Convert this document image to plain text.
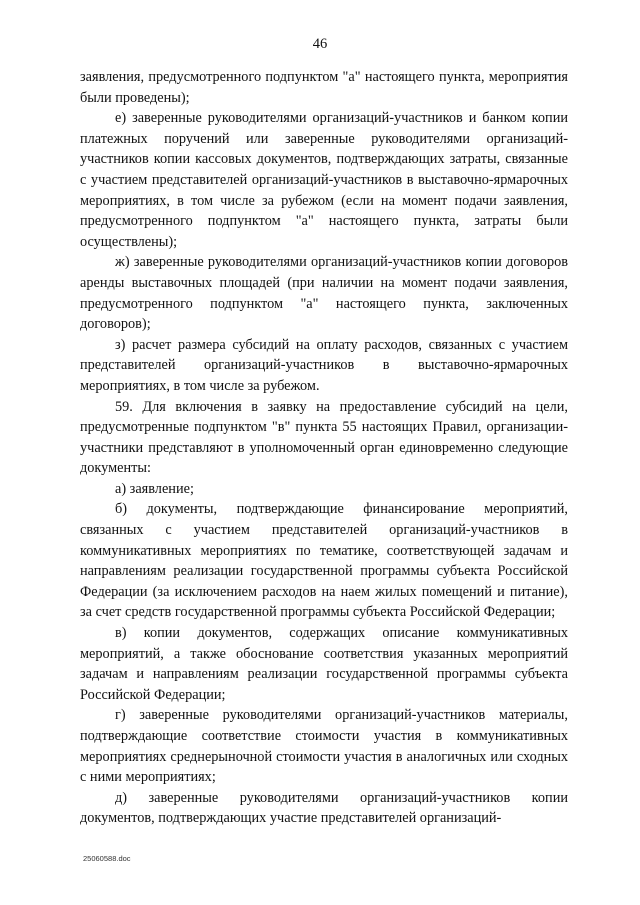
46

заявления, предусмотренного подпунктом "а" настоящего пункта, мероприятия были проведены);

е) заверенные руководителями организаций-участников и банком копии платежных поручений или заверенные руководителями организаций-участников копии кассовых документов, подтверждающих затраты, связанные с участием представителей организаций-участников в выставочно-ярмарочных мероприятиях, в том числе за рубежом (если на момент подачи заявления, предусмотренного подпунктом "а" настоящего пункта, затраты были осуществлены);

ж) заверенные руководителями организаций-участников копии договоров аренды выставочных площадей (при наличии на момент подачи заявления, предусмотренного подпунктом "а" настоящего пункта, заключенных договоров);

з) расчет размера субсидий на оплату расходов, связанных с участием представителей организаций-участников в выставочно-ярмарочных мероприятиях, в том числе за рубежом.

59. Для включения в заявку на предоставление субсидий на цели, предусмотренные подпунктом "в" пункта 55 настоящих Правил, организации-участники представляют в уполномоченный орган единовременно следующие документы:

а) заявление;

б) документы, подтверждающие финансирование мероприятий, связанных с участием представителей организаций-участников в коммуникативных мероприятиях по тематике, соответствующей задачам и направлениям реализации государственной программы субъекта Российской Федерации (за исключением расходов на наем жилых помещений и питание), за счет средств государственной программы субъекта Российской Федерации;

в) копии документов, содержащих описание коммуникативных мероприятий, а также обоснование соответствия указанных мероприятий задачам и направлениям реализации государственной программы субъекта Российской Федерации;

г) заверенные руководителями организаций-участников материалы, подтверждающие соответствие стоимости участия в коммуникативных мероприятиях среднерыночной стоимости участия в аналогичных или сходных с ними мероприятиях;

д) заверенные руководителями организаций-участников копии документов, подтверждающих участие представителей организаций-

25060588.doc
